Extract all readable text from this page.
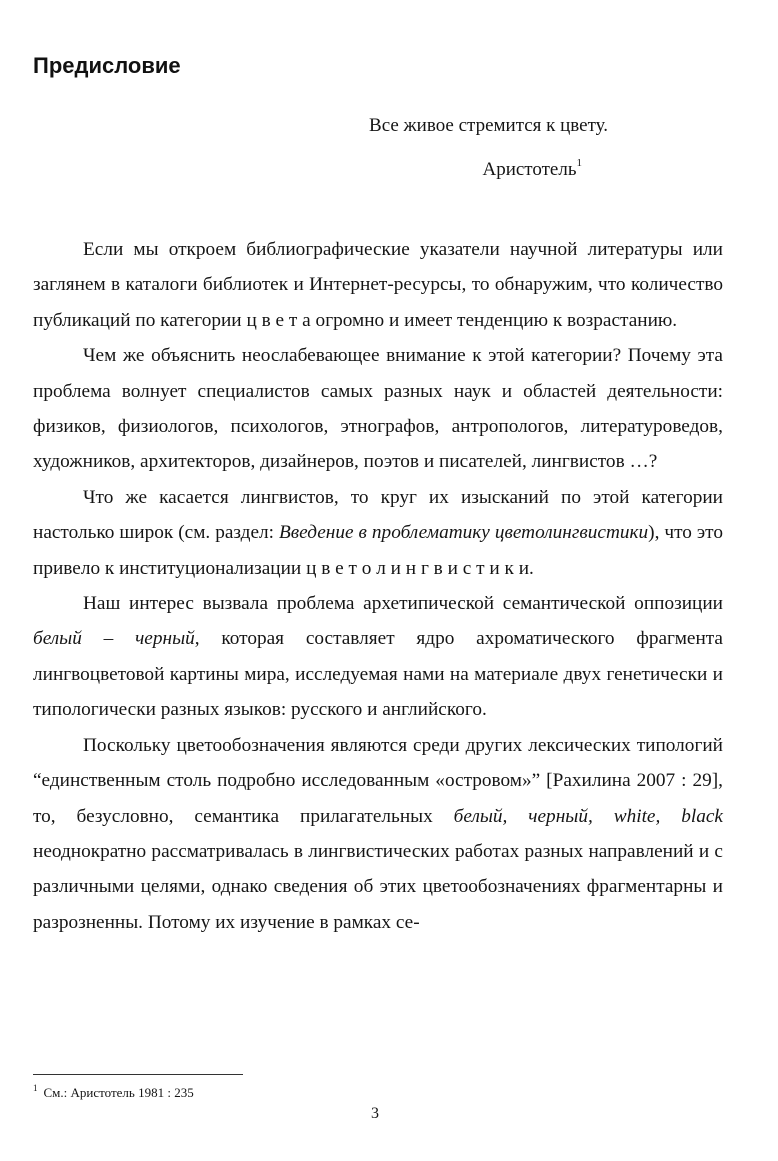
Предисловие

Все живое стремится к цвету.

Аристотель$^1$

Если мы откроем библиографические указатели научной литературы или заглянем в каталоги библиотек и Интернет-ресурсы, то обнаружим, что количество публикаций по категории ц в е т а огромно и имеет тенденцию к возрастанию.

Чем же объяснить неослабевающее внимание к этой категории? Почему эта проблема волнует специалистов самых разных наук и областей деятельности: физиков, физиологов, психологов, этнографов, антропологов, литературоведов, художников, архитекторов, дизайнеров, поэтов и писателей, лингвистов …?

Что же касается лингвистов, то круг их изысканий по этой категории настолько широк (см. раздел: Введение в проблематику цветолингвистики), что это привело к институционализации ц в е т о л и н г в и с т и к и.

Наш интерес вызвала проблема архетипической семантической оппозиции белый – черный, которая составляет ядро ахроматического фрагмента лингвоцветовой картины мира, исследуемая нами на материале двух генетически и типологически разных языков: русского и английского.

Поскольку цветообозначения являются среди других лексических типологий “единственным столь подробно исследованным «островом»” [Рахилина 2007 : 29], то, безусловно, семантика прилагательных белый, черный, white, black неоднократно рассматривалась в лингвистических работах разных направлений и с различными целями, однако сведения об этих цветообозначениях фрагментарны и разрозненны. Потому их изучение в рамках се-

$^1$ См.: Аристотель 1981 : 235
3
